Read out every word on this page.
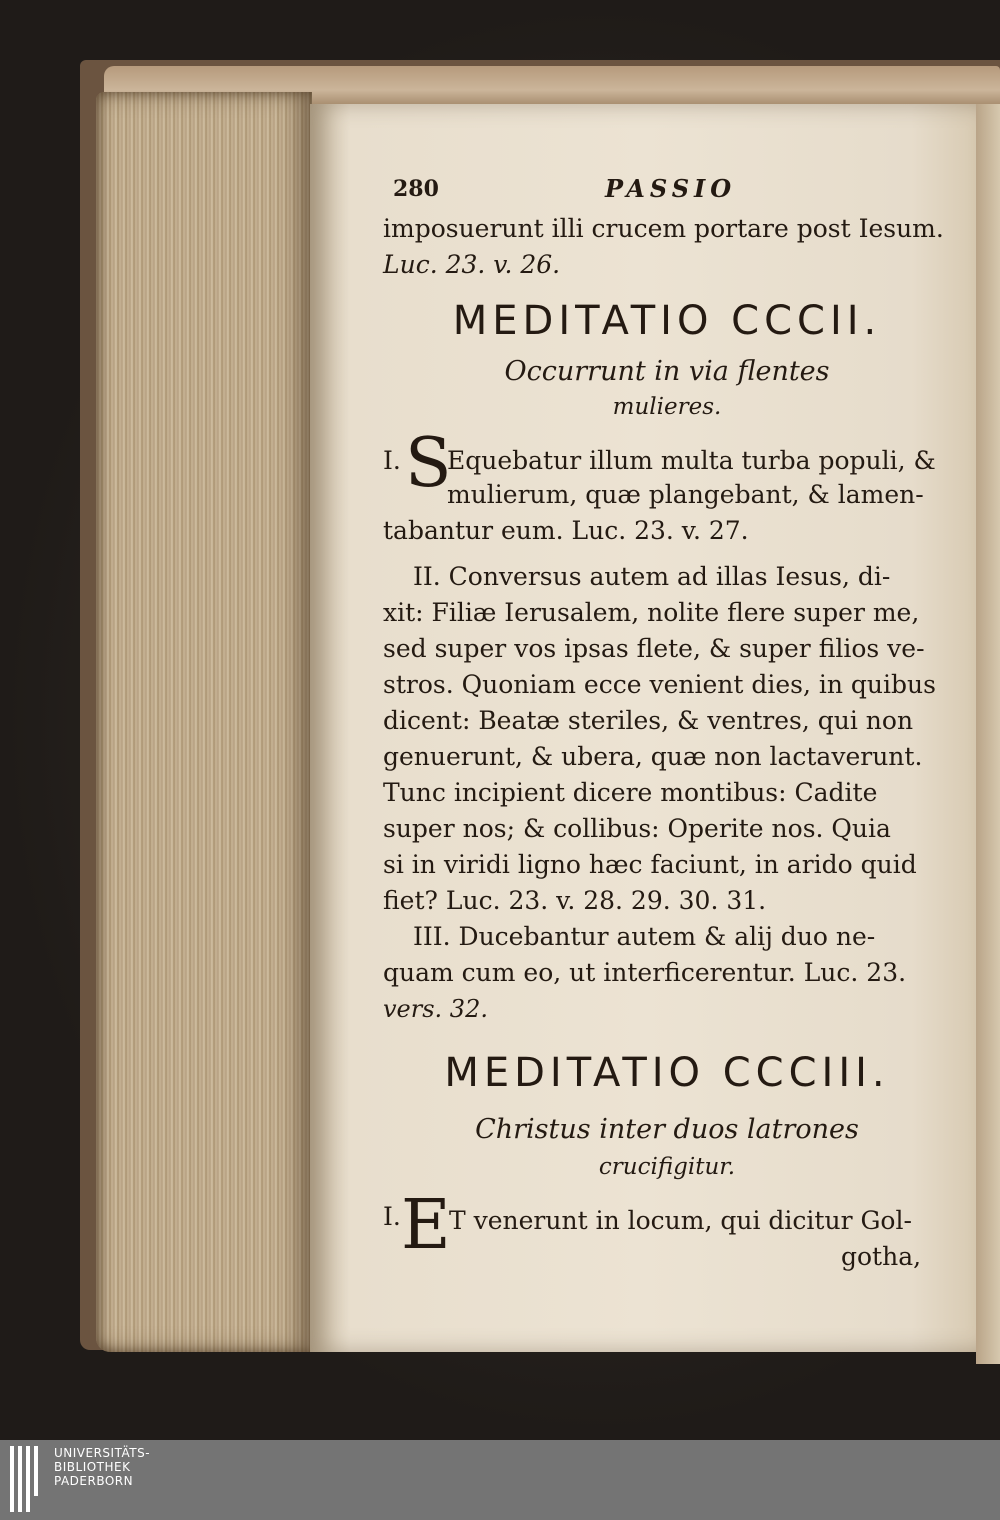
280	PASSIO
imposuerunt illi crucem portare post Iesum.
Luc. 23. v. 26.
MEDITATIO CCCII.
Occurrunt in via flentes
mulieres.
I. S
Equebatur illum multa turba populi, &
mulierum, quæ plangebant, & lamen-
tabantur eum. Luc. 23. v. 27.
II. Conversus autem ad illas Iesus, di-
xit: Filiæ Ierusalem, nolite flere super me,
sed super vos ipsas flete, & super filios ve-
stros. Quoniam ecce venient dies, in quibus
dicent: Beatæ steriles, & ventres, qui non
genuerunt, & ubera, quæ non lactaverunt.
Tunc incipient dicere montibus: Cadite
super nos; & collibus: Operite nos. Quia
si in viridi ligno hæc faciunt, in arido quid
fiet? Luc. 23. v. 28. 29. 30. 31.
III. Ducebantur autem & alij duo ne-
quam cum eo, ut interficerentur. Luc. 23.
vers. 32.
MEDITATIO CCCIII.
Christus inter duos latrones
crucifigitur.
I. E
T venerunt in locum, qui dicitur Gol-
gotha,
UNIVERSITÄTS-
BIBLIOTHEK
PADERBORN
